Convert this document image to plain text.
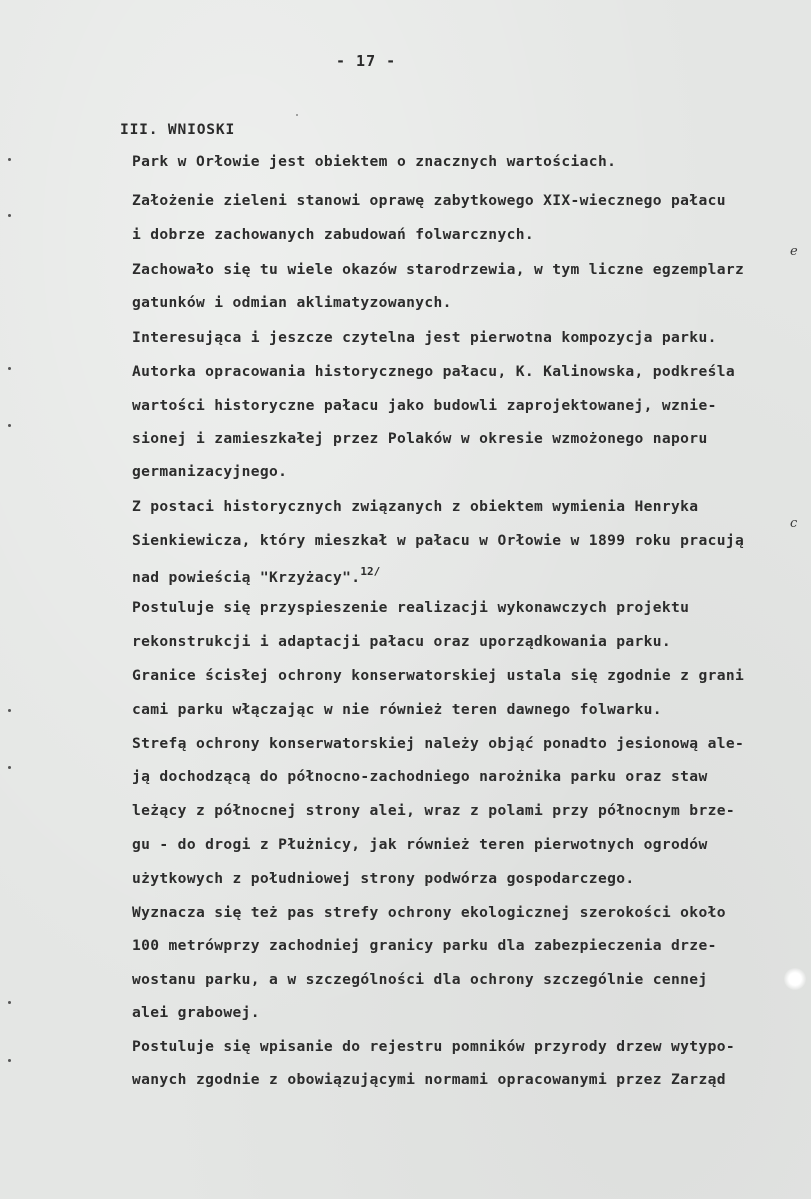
- 17 -
III. WNIOSKI
Park w Orłowie jest obiektem o znacznych wartościach.
Założenie zieleni stanowi oprawę zabytkowego XIX-wiecznego pałacu
i dobrze zachowanych zabudowań folwarcznych.
Zachowało się tu wiele okazów starodrzewia, w tym liczne egzemplarz
gatunków i odmian aklimatyzowanych.
Interesująca i jeszcze czytelna jest pierwotna kompozycja parku.
Autorka opracowania historycznego pałacu, K. Kalinowska, podkreśla
wartości historyczne pałacu jako budowli zaprojektowanej, wznie-
sionej i zamieszkałej przez Polaków w okresie wzmożonego naporu
germanizacyjnego.
Z postaci historycznych związanych z obiektem wymienia Henryka
Sienkiewicza, który mieszkał w pałacu w Orłowie w 1899 roku pracują
nad powieścią "Krzyżacy".$^{12/}$
Postuluje się przyspieszenie realizacji wykonawczych projektu
rekonstrukcji i adaptacji pałacu oraz uporządkowania parku.
Granice ścisłej ochrony konserwatorskiej ustala się zgodnie z grani
cami parku włączając w nie również teren dawnego folwarku.
Strefą ochrony konserwatorskiej należy objąć ponadto jesionową ale-
ją dochodzącą do północno-zachodniego narożnika parku oraz staw
leżący z północnej strony alei, wraz z polami przy północnym brze-
gu - do drogi z Płużnicy, jak również teren pierwotnych ogrodów
użytkowych z południowej strony podwórza gospodarczego.
Wyznacza się też pas strefy ochrony ekologicznej szerokości około
100 metrówprzy zachodniej granicy parku dla zabezpieczenia drze-
wostanu parku, a w szczególności dla ochrony szczególnie cennej
alei grabowej.
Postuluje się wpisanie do rejestru pomników przyrody drzew wytypo-
wanych zgodnie z obowiązującymi normami opracowanymi przez Zarząd
e
c
